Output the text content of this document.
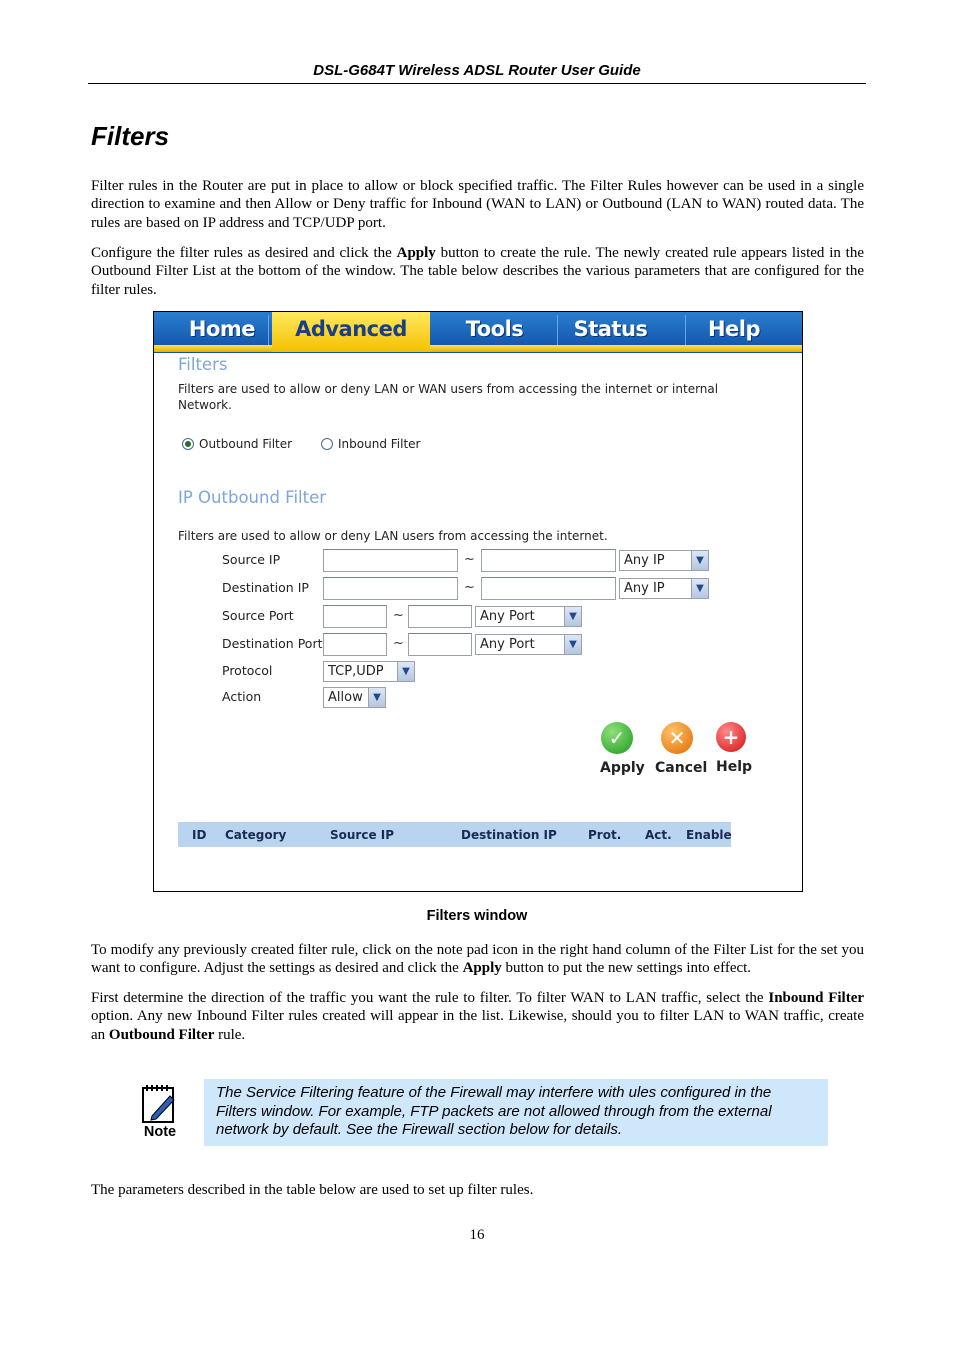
DSL-G684T Wireless ADSL Router User Guide
Filters

Filter rules in the Router are put in place to allow or block specified traffic. The Filter Rules however can be used in a single direction to examine and then Allow or Deny traffic for Inbound (WAN to LAN) or Outbound (LAN to WAN) routed data. The rules are based on IP address and TCP/UDP port.

Configure the filter rules as desired and click the Apply button to create the rule. The newly created rule appears listed in the Outbound Filter List at the bottom of the window. The table below describes the various parameters that are configured for the filter rules.

Home	Advanced	Tools	Status	Help
Filters
Filters are used to allow or deny LAN or WAN users from accessing the internet or internal Network.
Outbound Filter	Inbound Filter
IP Outbound Filter
Filters are used to allow or deny LAN users from accessing the internet.
Source IP	~	Any IP	▼
Destination IP	~	Any IP	▼
Source Port	~	Any Port	▼
Destination Port	~	Any Port	▼
Protocol	TCP,UDP	▼
Action	Allow	▼
✓
Apply
✕
Cancel
+
Help
ID Category	Source IP	Destination IP	Prot. Act. Enable
Filters window

To modify any previously created filter rule, click on the note pad icon in the right hand column of the Filter List for the set you want to configure. Adjust the settings as desired and click the Apply button to put the new settings into effect.

First determine the direction of the traffic you want the rule to filter. To filter WAN to LAN traffic, select the Inbound Filter option. Any new Inbound Filter rules created will appear in the list. Likewise, should you to filter LAN to WAN traffic, create an Outbound Filter rule.

Note
The Service Filtering feature of the Firewall may interfere with ules configured in the Filters window. For example, FTP packets are not allowed through from the external network by default. See the Firewall section below for details.

The parameters described in the table below are used to set up filter rules.

16
